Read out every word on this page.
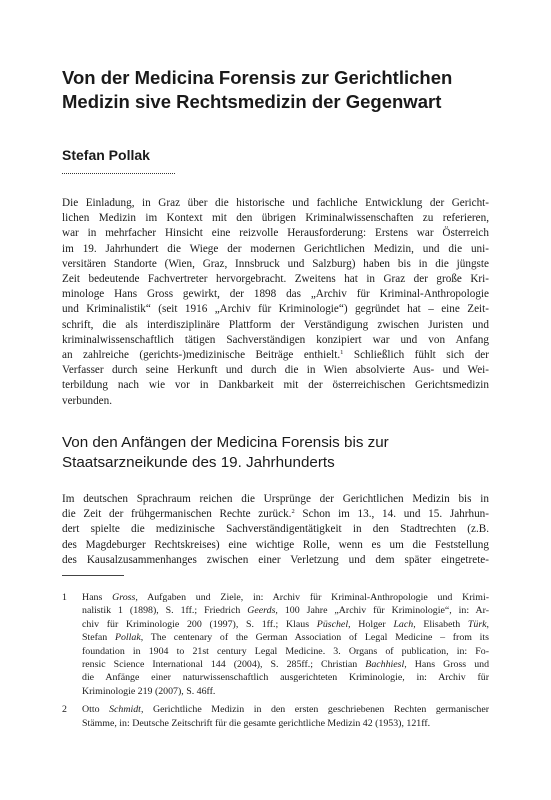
Von der Medicina Forensis zur Gerichtlichen
Medizin sive Rechtsmedizin der Gegenwart

Stefan Pollak

Die Einladung, in Graz über die historische und fachliche Entwicklung der Gericht-
lichen Medizin im Kontext mit den übrigen Kriminalwissenschaften zu referieren,
war in mehrfacher Hinsicht eine reizvolle Herausforderung: Erstens war Österreich
im 19. Jahrhundert die Wiege der modernen Gerichtlichen Medizin, und die uni-
versitären Standorte (Wien, Graz, Innsbruck und Salzburg) haben bis in die jüngste
Zeit bedeutende Fachvertreter hervorgebracht. Zweitens hat in Graz der große Kri-
minologe Hans Gross gewirkt, der 1898 das „Archiv für Kriminal-Anthropologie
und Kriminalistik“ (seit 1916 „Archiv für Kriminologie“) gegründet hat – eine Zeit-
schrift, die als interdisziplinäre Plattform der Verständigung zwischen Juristen und
kriminalwissenschaftlich tätigen Sachverständigen konzipiert war und von Anfang
an zahlreiche (gerichts-)medizinische Beiträge enthielt.$^1$ Schließlich fühlt sich der
Verfasser durch seine Herkunft und durch die in Wien absolvierte Aus- und Wei-
terbildung nach wie vor in Dankbarkeit mit der österreichischen Gerichtsmedizin
verbunden.
Von den Anfängen der Medicina Forensis bis zur
Staatsarzneikunde des 19. Jahrhunderts
Im deutschen Sprachraum reichen die Ursprünge der Gerichtlichen Medizin bis in
die Zeit der frühgermanischen Rechte zurück.$^2$ Schon im 13., 14. und 15. Jahrhun-
dert spielte die medizinische Sachverständigentätigkeit in den Stadtrechten (z.B.
des Magdeburger Rechtskreises) eine wichtige Rolle, wenn es um die Feststellung
des Kausalzusammenhanges zwischen einer Verletzung und dem später eingetrete-
1 Hans Gross, Aufgaben und Ziele, in: Archiv für Kriminal-Anthropologie und Krimi-
nalistik 1 (1898), S. 1ff.; Friedrich Geerds, 100 Jahre „Archiv für Kriminologie“, in: Ar-
chiv für Kriminologie 200 (1997), S. 1ff.; Klaus Püschel, Holger Lach, Elisabeth Türk,
Stefan Pollak, The centenary of the German Association of Legal Medicine – from its
foundation in 1904 to 21st century Legal Medicine. 3. Organs of publication, in: Fo-
rensic Science International 144 (2004), S. 285ff.; Christian Bachhiesl, Hans Gross und
die Anfänge einer naturwissenschaftlich ausgerichteten Kriminologie, in: Archiv für
Kriminologie 219 (2007), S. 46ff.
2 Otto Schmidt, Gerichtliche Medizin in den ersten geschriebenen Rechten germanischer
Stämme, in: Deutsche Zeitschrift für die gesamte gerichtliche Medizin 42 (1953), 121ff.
